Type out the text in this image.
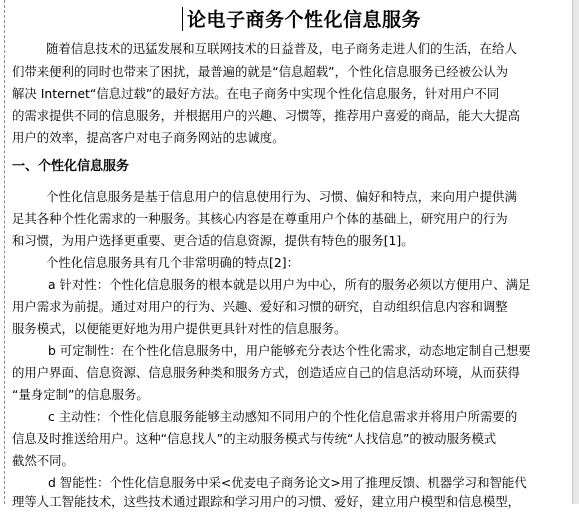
论电子商务个性化信息服务
随着信息技术的迅猛发展和互联网技术的日益普及，电子商务走进人们的生活，在给人
们带来便利的同时也带来了困扰，最普遍的就是“信息超载”，个性化信息服务已经被公认为
解决 Internet“信息过载”的最好方法。在电子商务中实现个性化信息服务，针对用户不同
的需求提供不同的信息服务，并根据用户的兴趣、习惯等，推荐用户喜爱的商品，能大大提高
用户的效率，提高客户对电子商务网站的忠诚度。
一、个性化信息服务
个性化信息服务是基于信息用户的信息使用行为、习惯、偏好和特点，来向用户提供满
足其各种个性化需求的一种服务。其核心内容是在尊重用户个体的基础上，研究用户的行为
和习惯，为用户选择更重要、更合适的信息资源，提供有特色的服务[1]。
个性化信息服务具有几个非常明确的特点[2]：
a 针对性：个性化信息服务的根本就是以用户为中心，所有的服务必须以方便用户、满足
用户需求为前提。通过对用户的行为、兴趣、爱好和习惯的研究，自动组织信息内容和调整
服务模式，以便能更好地为用户提供更具针对性的信息服务。
b 可定制性：在个性化信息服务中，用户能够充分表达个性化需求，动态地定制自己想要
的用户界面、信息资源、信息服务种类和服务方式，创造适应自己的信息活动环境，从而获得
“量身定制”的信息服务。
c 主动性：个性化信息服务能够主动感知不同用户的个性化信息需求并将用户所需要的
信息及时推送给用户。这种“信息找人”的主动服务模式与传统“人找信息”的被动服务模式
截然不同。
d 智能性：个性化信息服务中采<优麦电子商务论文>用了推理反馈、机器学习和智能代
理等人工智能技术，这些技术通过跟踪和学习用户的习惯、爱好，建立用户模型和信息模型，
